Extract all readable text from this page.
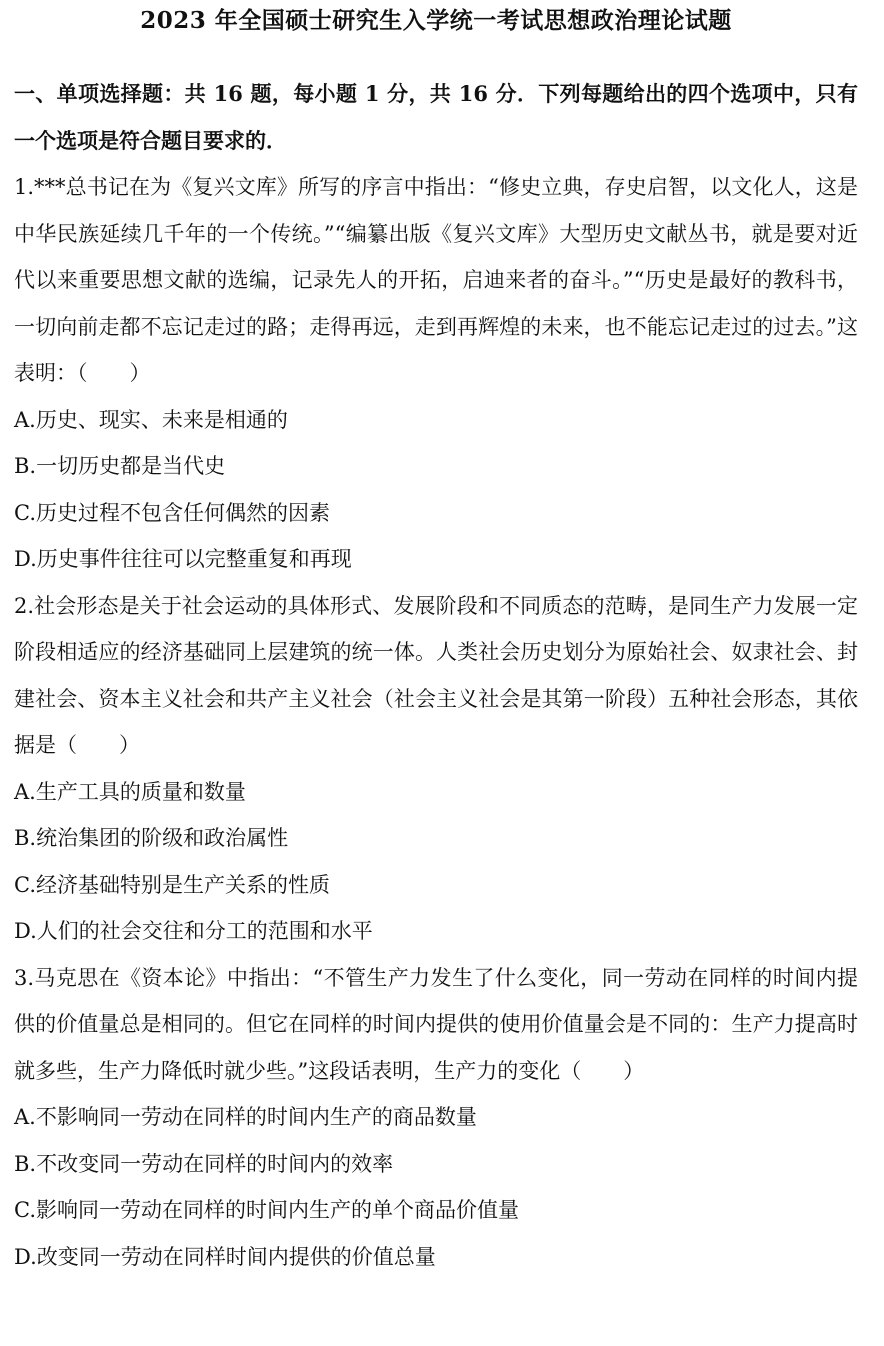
2023 年全国硕士研究生入学统一考试思想政治理论试题

一、单项选择题：共 16 题，每小题 1 分，共 16 分．下列每题给出的四个选项中，只有一个选项是符合题目要求的．

1.***总书记在为《复兴文库》所写的序言中指出：“修史立典，存史启智，以文化人，这是中华民族延续几千年的一个传统。”“编纂出版《复兴文库》大型历史文献丛书，就是要对近代以来重要思想文献的选编，记录先人的开拓，启迪来者的奋斗。”“历史是最好的教科书，一切向前走都不忘记走过的路；走得再远，走到再辉煌的未来，也不能忘记走过的过去。”这表明：（　　）

A.历史、现实、未来是相通的
B.一切历史都是当代史
C.历史过程不包含任何偶然的因素
D.历史事件往往可以完整重复和再现

2.社会形态是关于社会运动的具体形式、发展阶段和不同质态的范畴，是同生产力发展一定阶段相适应的经济基础同上层建筑的统一体。人类社会历史划分为原始社会、奴隶社会、封建社会、资本主义社会和共产主义社会（社会主义社会是其第一阶段）五种社会形态，其依据是（　　）

A.生产工具的质量和数量
B.统治集团的阶级和政治属性
C.经济基础特别是生产关系的性质
D.人们的社会交往和分工的范围和水平

3.马克思在《资本论》中指出：“不管生产力发生了什么变化，同一劳动在同样的时间内提供的价值量总是相同的。但它在同样的时间内提供的使用价值量会是不同的：生产力提高时就多些，生产力降低时就少些。”这段话表明，生产力的变化（　　）

A.不影响同一劳动在同样的时间内生产的商品数量
B.不改变同一劳动在同样的时间内的效率
C.影响同一劳动在同样的时间内生产的单个商品价值量
D.改变同一劳动在同样时间内提供的价值总量
